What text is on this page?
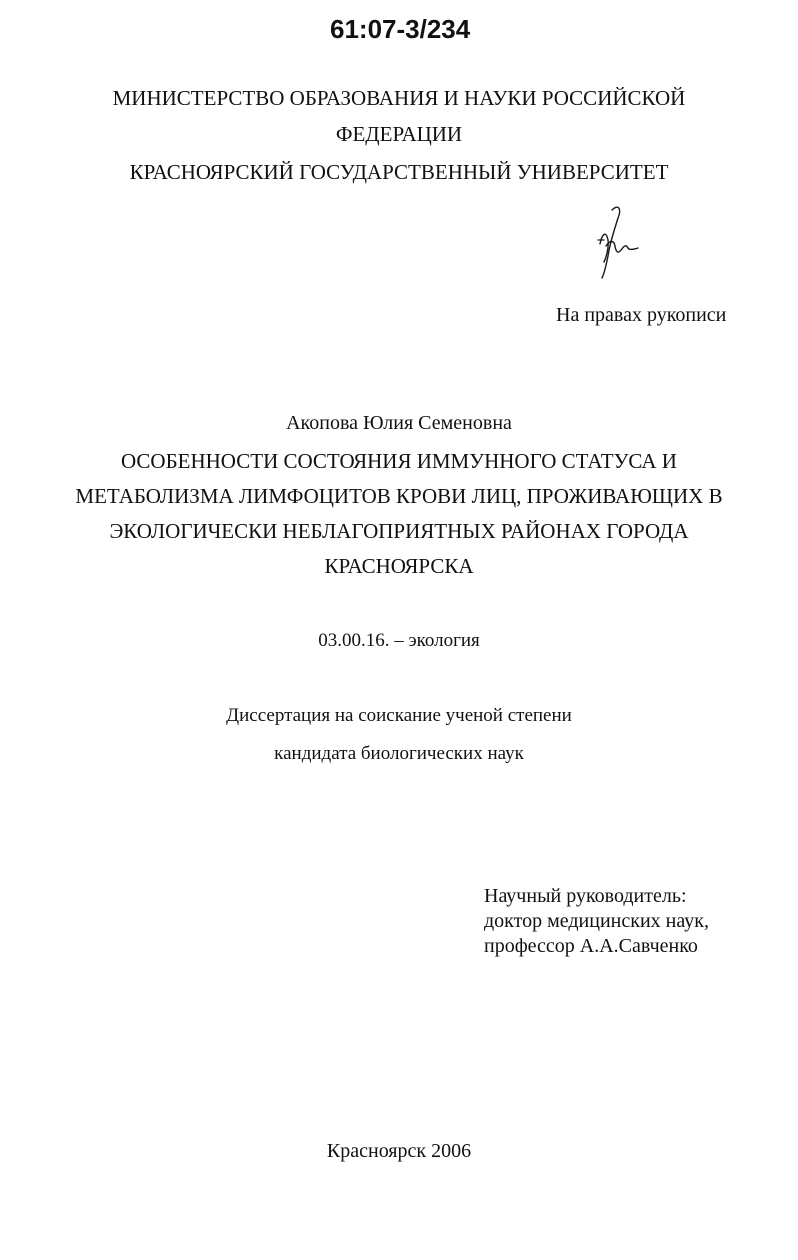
61:07-3/234
МИНИСТЕРСТВО ОБРАЗОВАНИЯ И НАУКИ РОССИЙСКОЙ
ФЕДЕРАЦИИ
КРАСНОЯРСКИЙ ГОСУДАРСТВЕННЫЙ УНИВЕРСИТЕТ
На правах рукописи
Акопова Юлия Семеновна
ОСОБЕННОСТИ СОСТОЯНИЯ ИММУННОГО СТАТУСА И
МЕТАБОЛИЗМА ЛИМФОЦИТОВ КРОВИ ЛИЦ, ПРОЖИВАЮЩИХ В
ЭКОЛОГИЧЕСКИ НЕБЛАГОПРИЯТНЫХ РАЙОНАХ ГОРОДА
КРАСНОЯРСКА
03.00.16. – экология
Диссертация на соискание ученой степени
кандидата биологических наук
Научный руководитель:
доктор медицинских наук,
профессор А.А.Савченко
Красноярск 2006
